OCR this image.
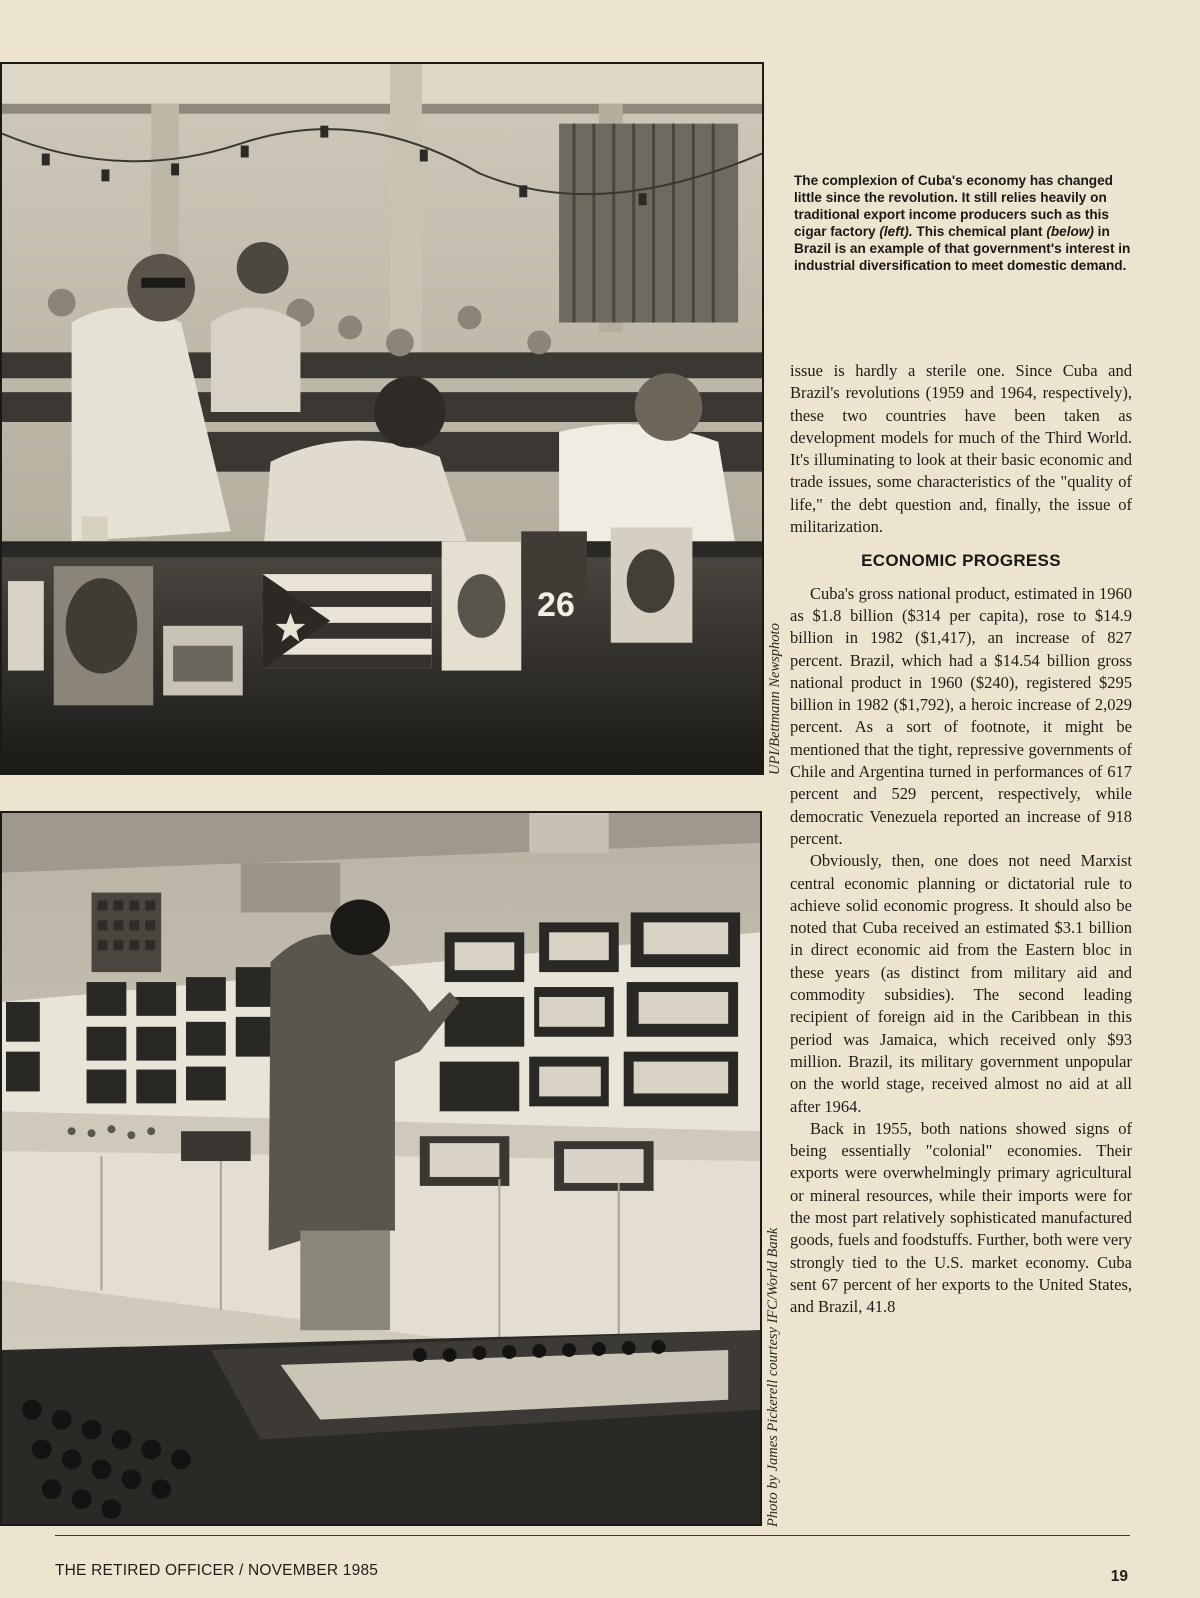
26
UPI/Bettmann Newsphoto
Photo by James Pickerell courtesy IFC/World Bank
The complexion of Cuba's economy has changed little since the revolution. It still relies heavily on traditional export income producers such as this cigar factory (left). This chemical plant (below) in Brazil is an example of that government's interest in industrial diversification to meet domestic demand.

issue is hardly a sterile one. Since Cuba and Brazil's revolutions (1959 and 1964, respectively), these two countries have been taken as development models for much of the Third World. It's illuminating to look at their basic economic and trade issues, some characteristics of the "quality of life," the debt question and, finally, the issue of militarization.

ECONOMIC PROGRESS

Cuba's gross national product, estimated in 1960 as $1.8 billion ($314 per capita), rose to $14.9 billion in 1982 ($1,417), an increase of 827 percent. Brazil, which had a $14.54 billion gross national product in 1960 ($240), registered $295 billion in 1982 ($1,792), a heroic increase of 2,029 percent. As a sort of footnote, it might be mentioned that the tight, repressive governments of Chile and Argentina turned in performances of 617 percent and 529 percent, respectively, while democratic Venezuela reported an increase of 918 percent.

Obviously, then, one does not need Marxist central economic planning or dictatorial rule to achieve solid economic progress. It should also be noted that Cuba received an estimated $3.1 billion in direct economic aid from the Eastern bloc in these years (as distinct from military aid and commodity subsidies). The second leading recipient of foreign aid in the Caribbean in this period was Jamaica, which received only $93 million. Brazil, its military government unpopular on the world stage, received almost no aid at all after 1964.

Back in 1955, both nations showed signs of being essentially "colonial" economies. Their exports were overwhelmingly primary agricultural or mineral resources, while their imports were for the most part relatively sophisticated manufactured goods, fuels and foodstuffs. Further, both were very strongly tied to the U.S. market economy. Cuba sent 67 percent of her exports to the United States, and Brazil, 41.8

THE RETIRED OFFICER / NOVEMBER 1985	19
